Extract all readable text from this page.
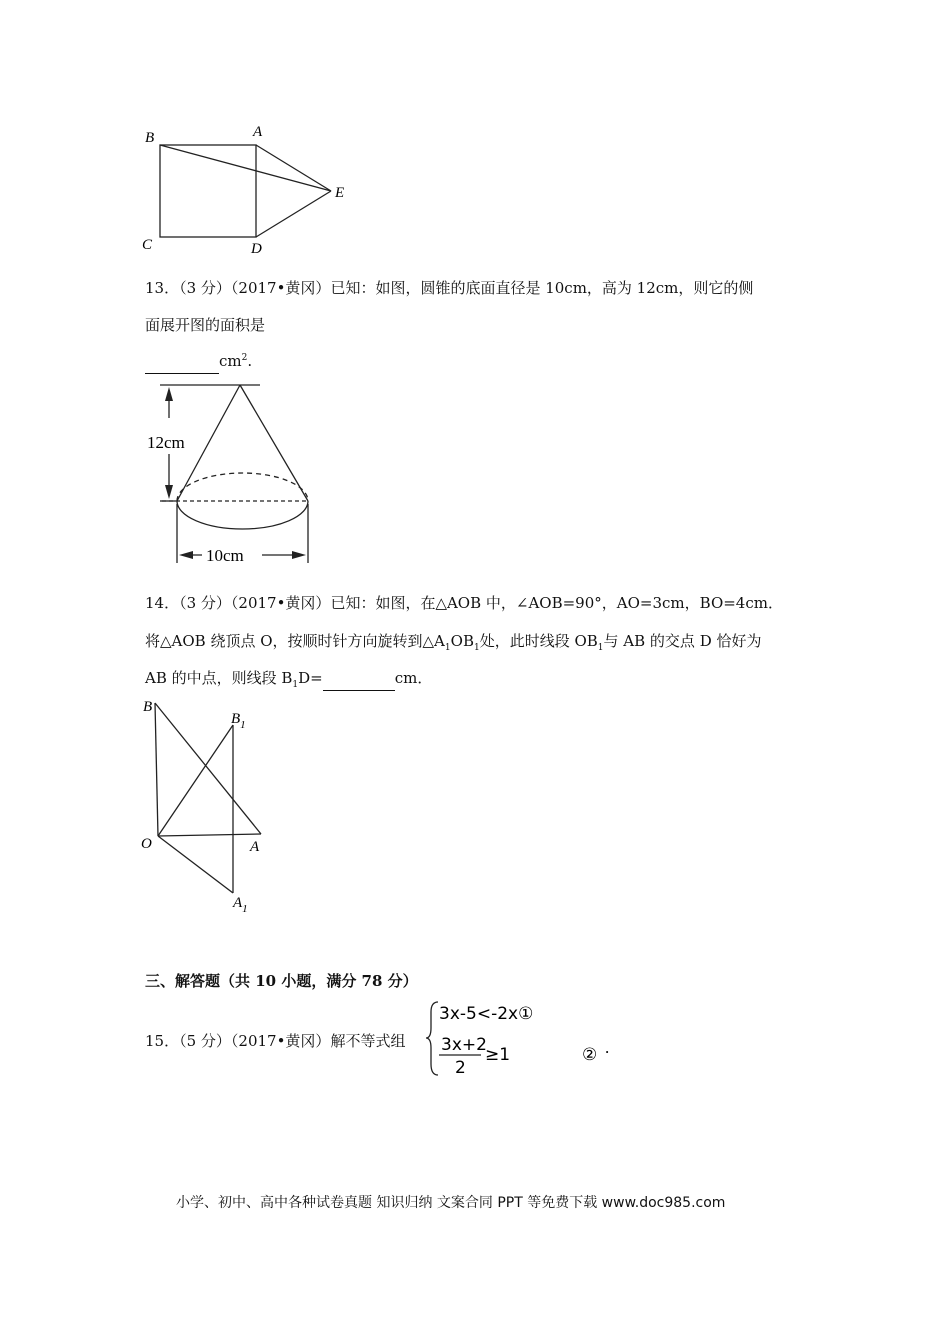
B	A
E
C	D
13．（3 分）（2017•黄冈）已知：如图，圆锥的底面直径是 10cm，高为 12cm，则它的侧
面展开图的面积是
$cm^2$.
12cm
10cm
14．（3 分）（2017•黄冈）已知：如图，在△AOB 中，∠AOB=90°，AO=3cm，BO=4cm．
将△AOB 绕顶点 O，按顺时针方向旋转到$\triangle A_1OB_1$处，此时线段 $OB_1$与 AB 的交点 D 恰好为
AB 的中点，则线段 $B_1D=$	cm．
B
$B_1$
O	A
$A_1$
三、解答题（共 10 小题，满分 78 分）
15．（5 分）（2017•黄冈）解不等式组
3x-5<-2x①
3x+2
2
≥1	② .
小学、初中、高中各种试卷真题 知识归纳 文案合同 PPT 等免费下载 www.doc985.com
